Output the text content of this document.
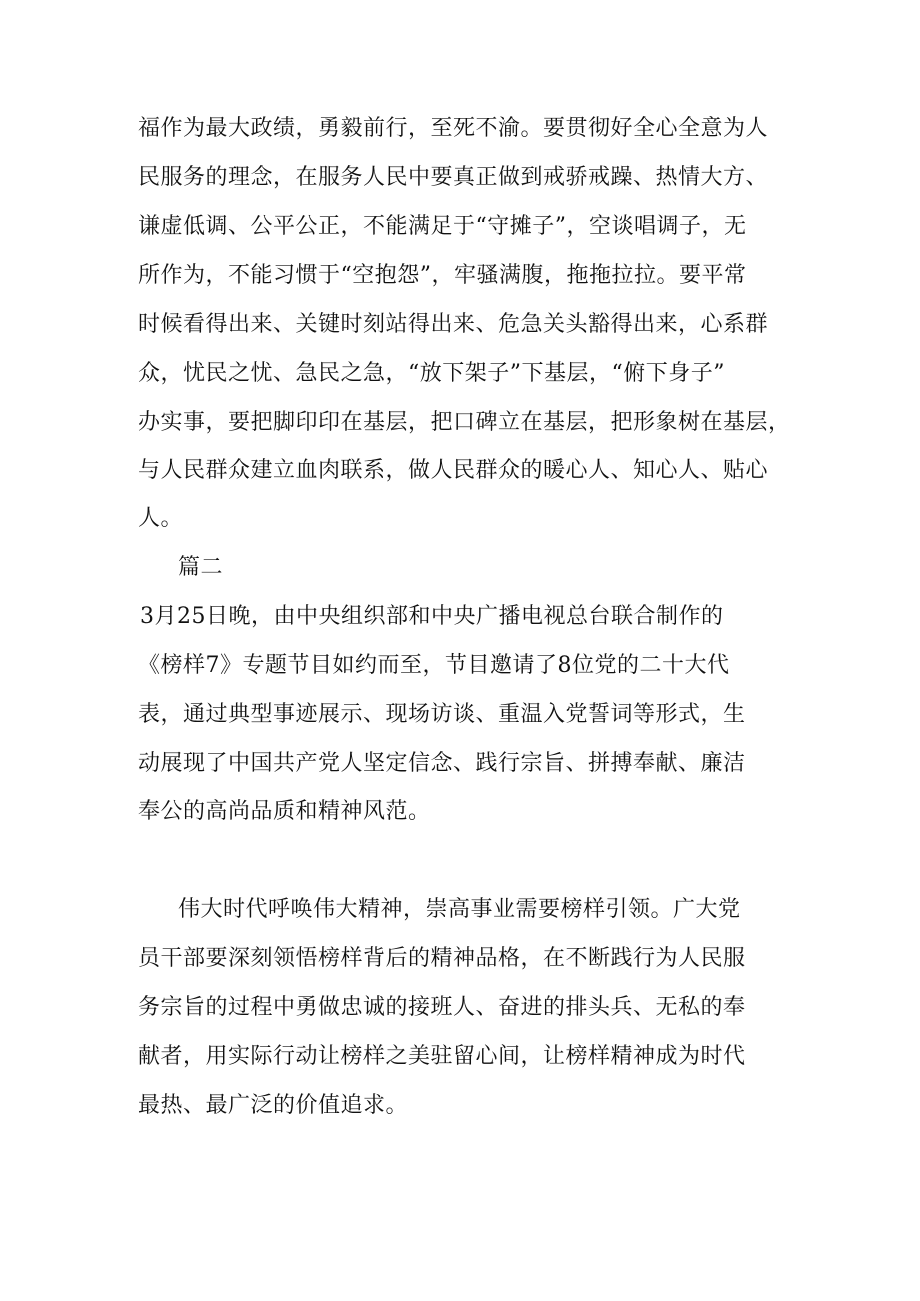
福作为最大政绩，勇毅前行，至死不渝。要贯彻好全心全意为人
民服务的理念，在服务人民中要真正做到戒骄戒躁、热情大方、
谦虚低调、公平公正，不能满足于“守摊子”，空谈唱调子，无
所作为，不能习惯于“空抱怨”，牢骚满腹，拖拖拉拉。要平常
时候看得出来、关键时刻站得出来、危急关头豁得出来，心系群
众，忧民之忧、急民之急，“放下架子”下基层，“俯下身子”
办实事，要把脚印印在基层，把口碑立在基层，把形象树在基层，
与人民群众建立血肉联系，做人民群众的暖心人、知心人、贴心
人。
篇二
3月25日晚，由中央组织部和中央广播电视总台联合制作的
《榜样7》专题节目如约而至，节目邀请了8位党的二十大代
表，通过典型事迹展示、现场访谈、重温入党誓词等形式，生
动展现了中国共产党人坚定信念、践行宗旨、拼搏奉献、廉洁
奉公的高尚品质和精神风范。
伟大时代呼唤伟大精神，崇高事业需要榜样引领。广大党
员干部要深刻领悟榜样背后的精神品格，在不断践行为人民服
务宗旨的过程中勇做忠诚的接班人、奋进的排头兵、无私的奉
献者，用实际行动让榜样之美驻留心间，让榜样精神成为时代
最热、最广泛的价值追求。
